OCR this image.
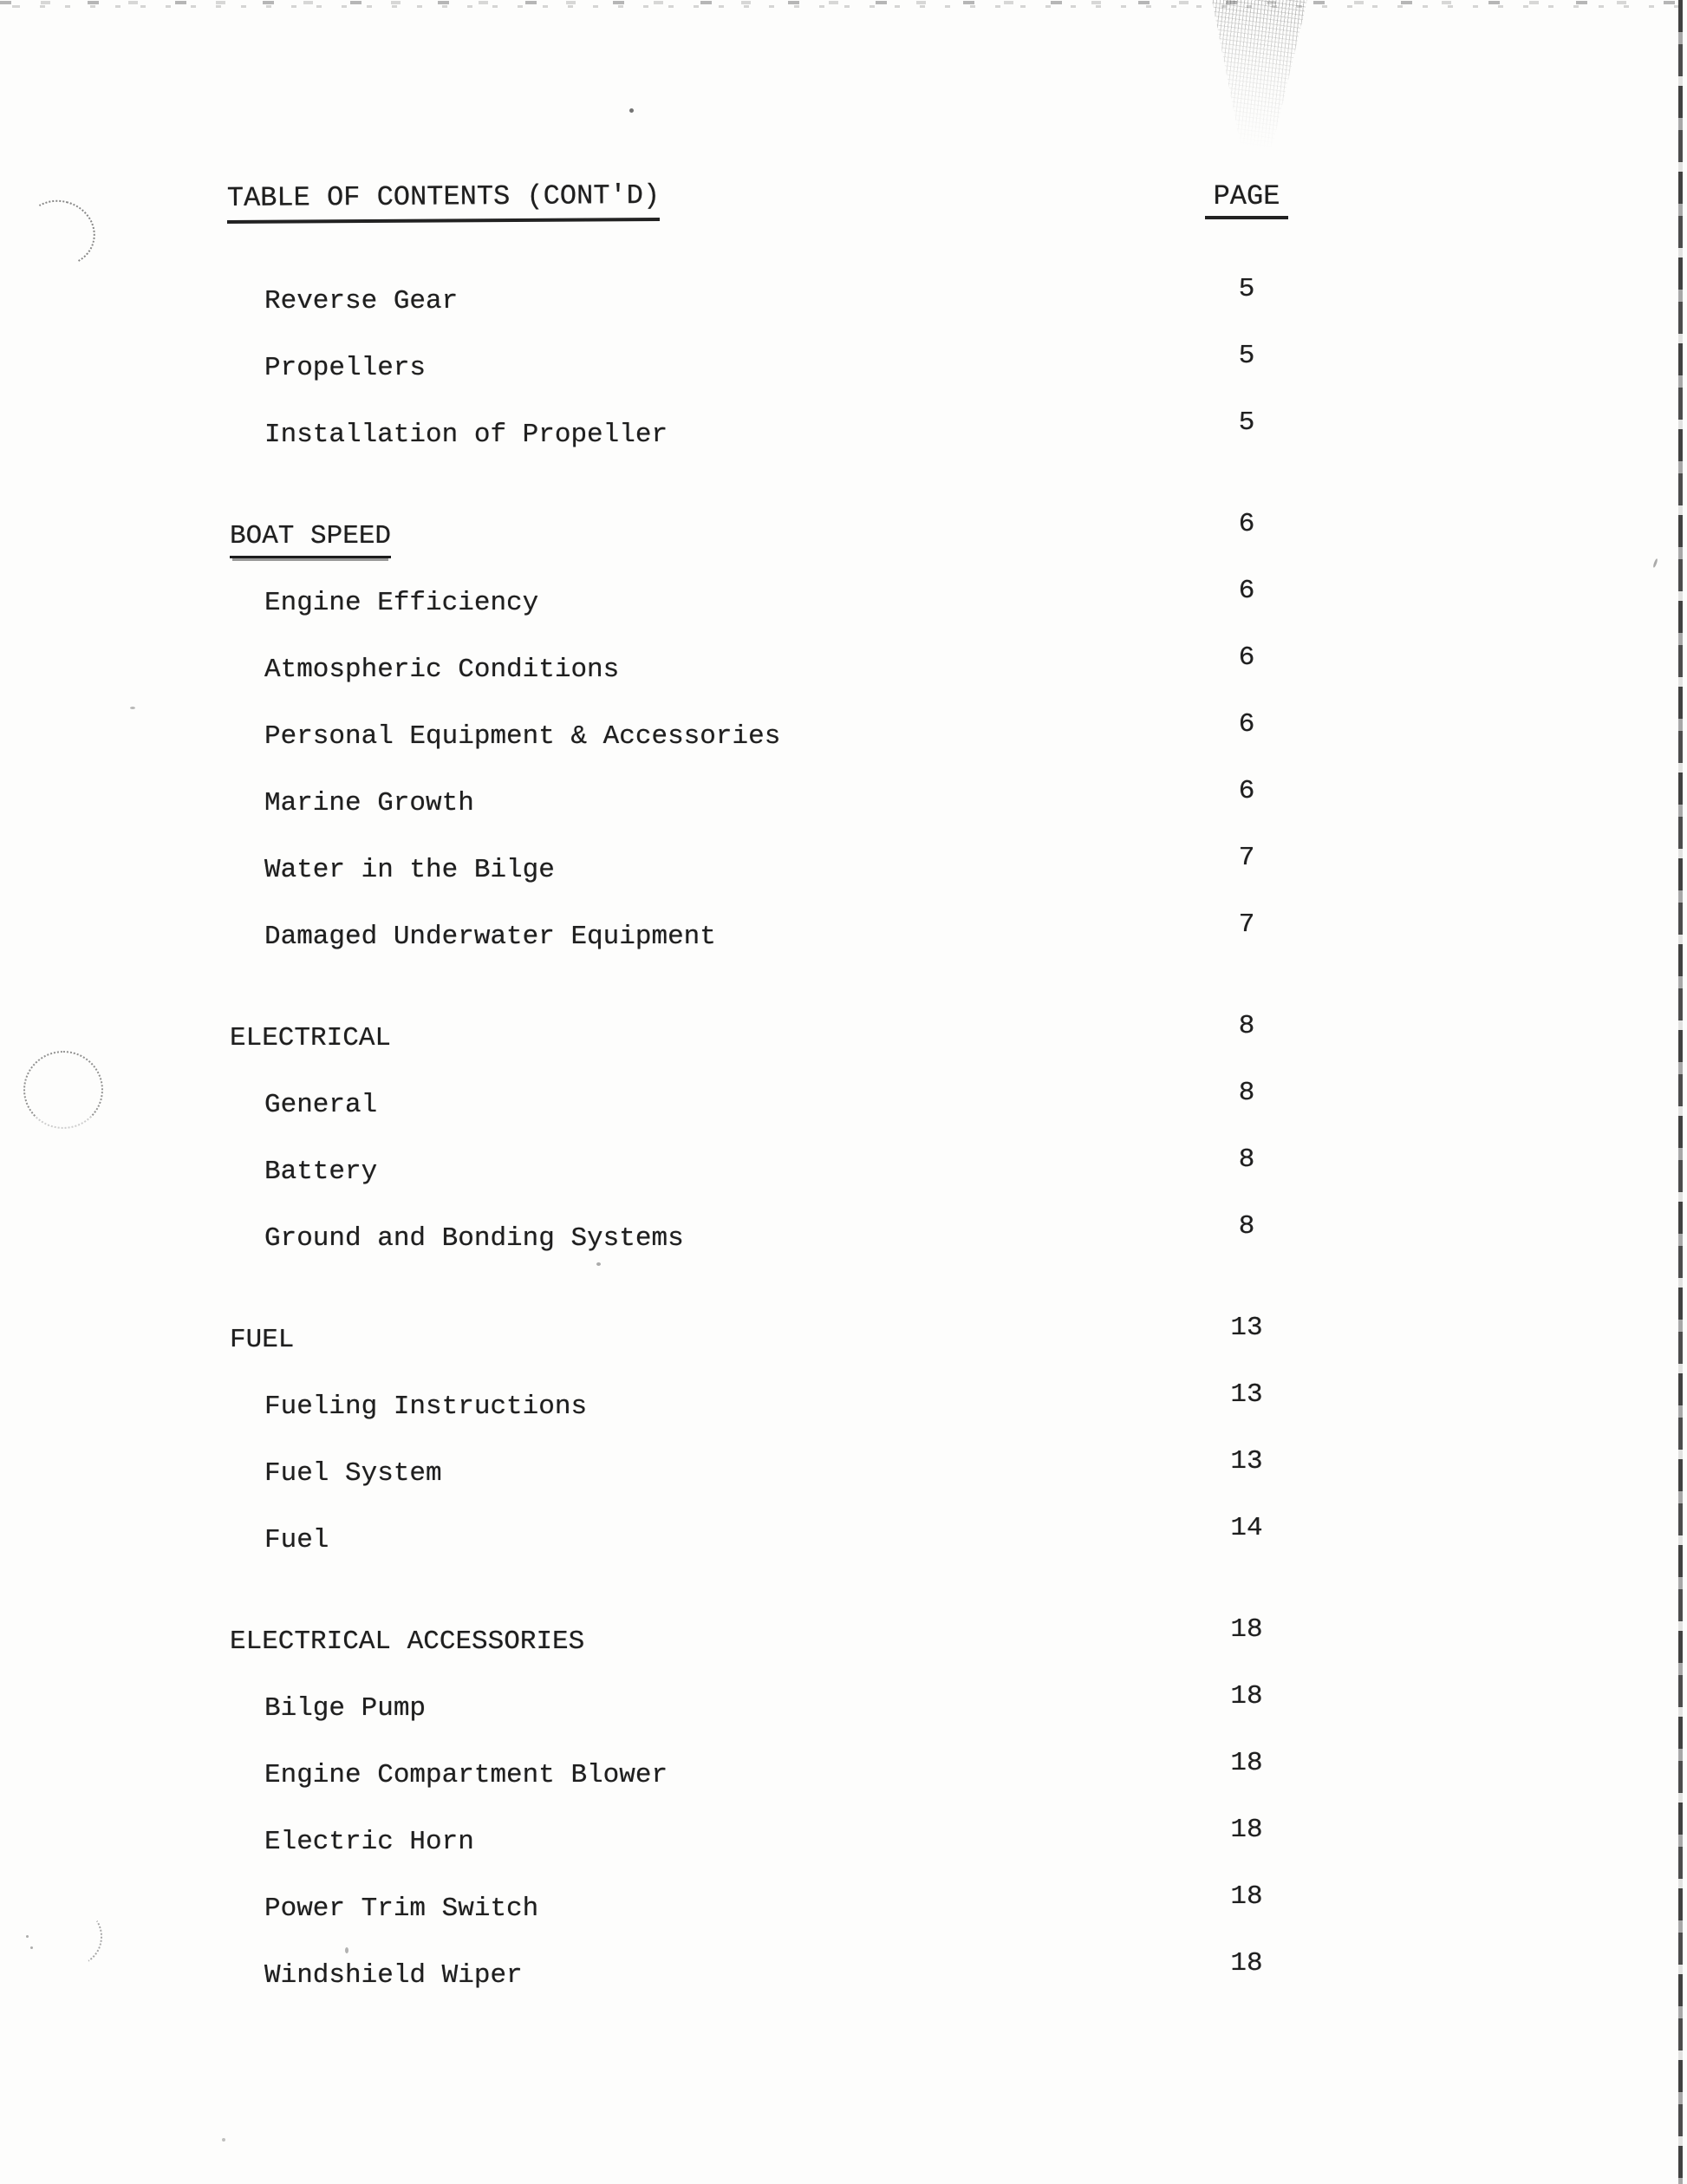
TABLE OF CONTENTS (CONT'D)	PAGE
Reverse Gear	5
Propellers	5
Installation of Propeller	5
BOAT SPEED	6
Engine Efficiency	6
Atmospheric Conditions	6
Personal Equipment & Accessories	6
Marine Growth	6
Water in the Bilge	7
Damaged Underwater Equipment	7
ELECTRICAL	8
General	8
Battery	8
Ground and Bonding Systems	8
FUEL	13
Fueling Instructions	13
Fuel System	13
Fuel	14
ELECTRICAL ACCESSORIES	18
Bilge Pump	18
Engine Compartment Blower	18
Electric Horn	18
Power Trim Switch	18
Windshield Wiper	18
